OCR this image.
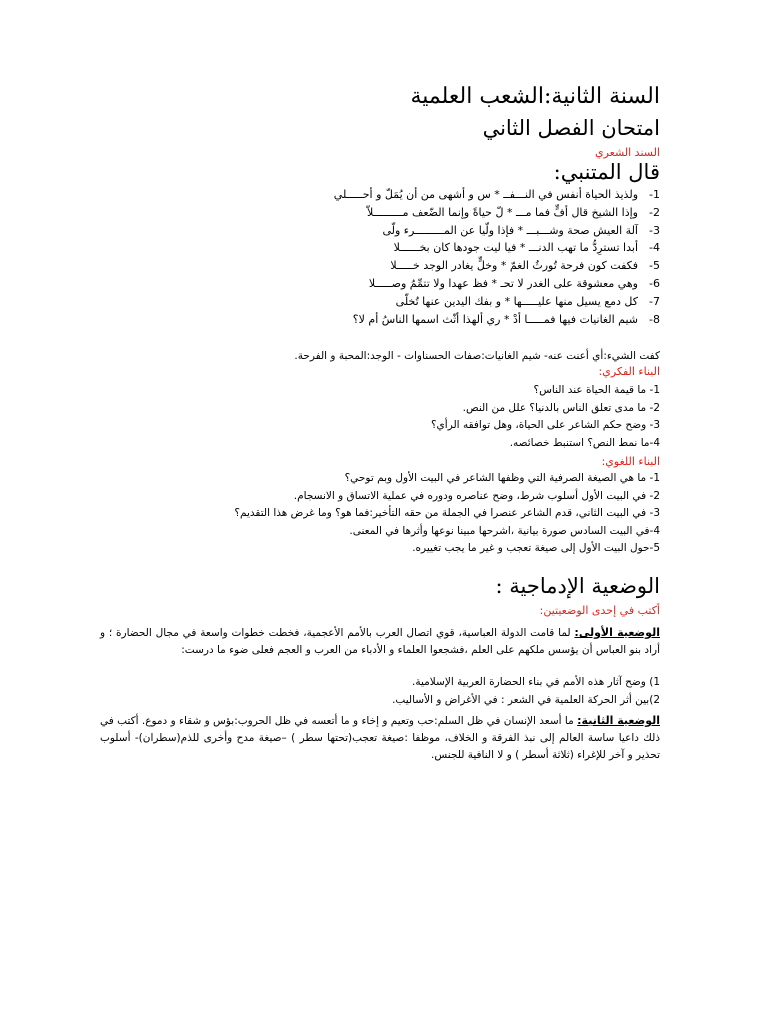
السنة الثانية:الشعب العلمية
امتحان الفصل الثاني
السند الشعري
قال المتنبي:
1-
ولذيذ الحياة أنفس في النـــفــ * س و أشهى من أن يُمَلّ و أحـــــلي
2-
وإذا الشيخ قال أفٍّ فما مـــ * لّ حياةً وإنما الضّعف مـــــــــلاّ
3-
آلة العيش صحة وشـــبـــ * فإذا ولّيا عن المـــــــــرء ولّى
4-
أبدا تسترِدُّ ما تهب الدنـــ * فيا ليت جودها كان بخــــــلا
5-
فكفت كون فرحة تُورثُ الغمّ * وخلٍّ يغادر الوجد خـــــلا
6-
وهي معشوقة على الغدر لا تحـ * فظ عهدا ولا تتمِّمُ وصـــــلا
7-
كل دمع يسيل منها عليـــــها * و بفك اليدين عنها تُخلّى
8-
شيم الغانيات فيها فمـــــا أدْ * ري ألهذا أثّث اسمها الناسُ أم لا؟
كفت الشيء:أي أعنت عنه- شيم الغانيات:صفات الحسناوات - الوجد:المحبة و الفرحة.
البناء الفكري:
1- ما قيمة الحياة عند الناس؟
2- ما مدى تعلق الناس بالدنيا؟ علل من النص.
3- وضح حكم الشاعر على الحياة، وهل توافقه الرأي؟
4-ما نمط النص؟ استنبط خصائصه.
البناء اللغوي:
1- ما هي الصيغة الصرفية التي وظفها الشاعر في البيت الأول وبم توحي؟
2- في البيت الأول أسلوب شرط، وضح عناصره ودوره في عملية الاتساق و الانسجام.
3- في البيت الثاني، قدم الشاعر عنصرا في الجملة من حقه التأخير:فما هو؟ وما غرض هذا التقديم؟
4-في البيت السادس صورة بيانية ،اشرحها مبينا نوعها وأثرها في المعنى.
5-حول البيت الأول إلى صيغة تعجب و غير ما يجب تغييره.
الوضعية الإدماجية :
أكتب في إحدى الوضعيتين:
الوضعية الأولى: لما قامت الدولة العباسية، قوي اتصال العرب بالأمم الأعجمية، فخطت خطوات واسعة في مجال الحضارة ؛ و أراد بنو العباس أن يؤسس ملكهم على العلم ،فشجعوا العلماء و الأدباء من العرب و العجم فعلى ضوء ما درست:
1) وضح آثار هذه الأمم في بناء الحضارة العربية الإسلامية.
2)بين أثر الحركة العلمية في الشعر : في الأغراض و الأساليب.
الوضعية الثانية: ما أسعد الإنسان في ظل السلم:حب وتعيم و إخاء و ما أتعسه في ظل الحروب:بؤس و شقاء و دموع. أكتب في ذلك داعيا ساسة العالم إلى نبذ الفرقة و الخلاف، موظفا :صيغة تعجب(تحتها سطر ) –صيغة مدح وأخرى للذم(سطران)- أسلوب تحذير و آخر للإغراء (ثلاثة أسطر ) و لا النافية للجنس.
